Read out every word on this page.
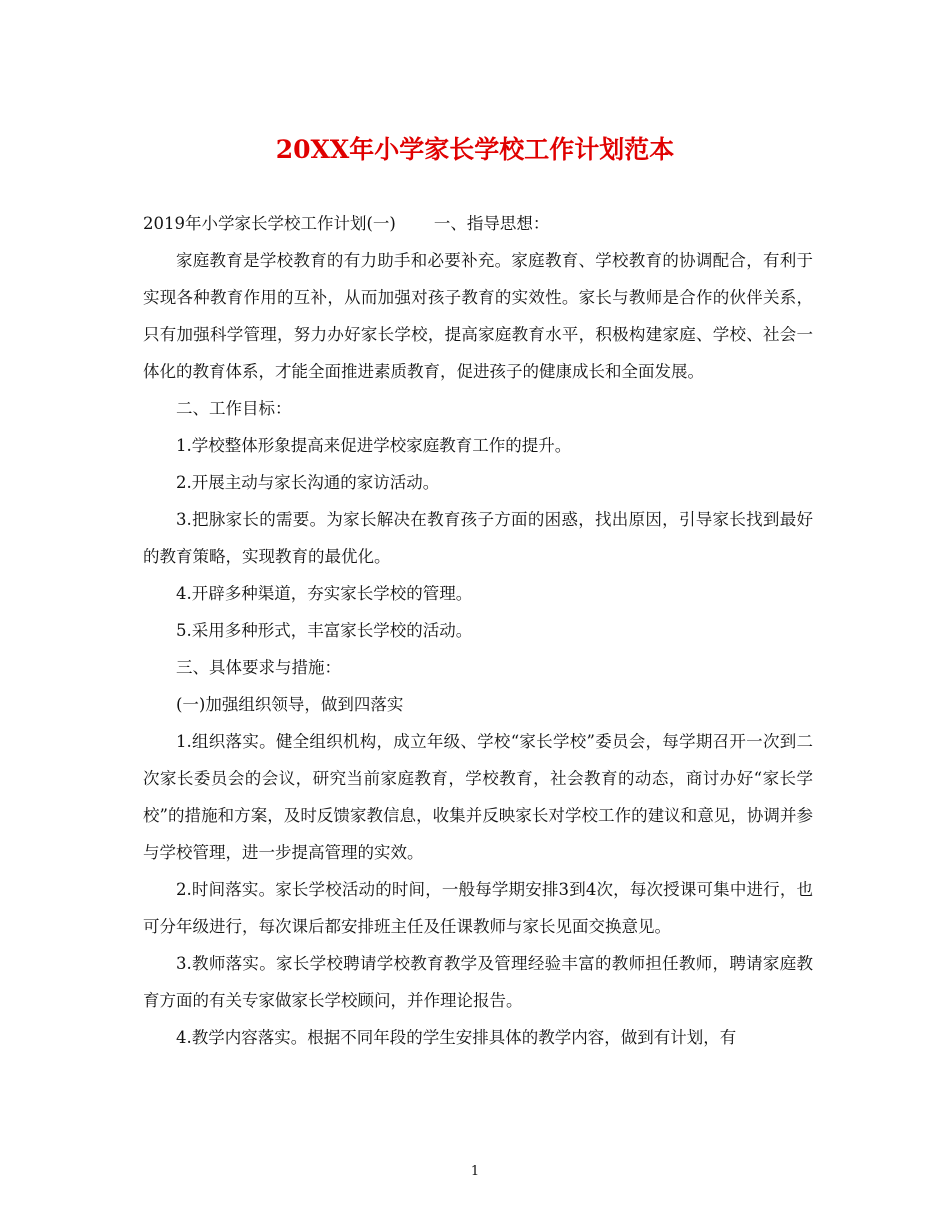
20XX年小学家长学校工作计划范本

2019年小学家长学校工作计划(一) 一、指导思想：

家庭教育是学校教育的有力助手和必要补充。家庭教育、学校教育的协调配合，有利于实现各种教育作用的互补，从而加强对孩子教育的实效性。家长与教师是合作的伙伴关系，只有加强科学管理，努力办好家长学校，提高家庭教育水平，积极构建家庭、学校、社会一体化的教育体系，才能全面推进素质教育，促进孩子的健康成长和全面发展。

二、工作目标：

1.学校整体形象提高来促进学校家庭教育工作的提升。

2.开展主动与家长沟通的家访活动。

3.把脉家长的需要。为家长解决在教育孩子方面的困惑，找出原因，引导家长找到最好的教育策略，实现教育的最优化。

4.开辟多种渠道，夯实家长学校的管理。

5.采用多种形式，丰富家长学校的活动。

三、具体要求与措施：

(一)加强组织领导，做到四落实

1.组织落实。健全组织机构，成立年级、学校“家长学校”委员会，每学期召开一次到二次家长委员会的会议，研究当前家庭教育，学校教育，社会教育的动态，商讨办好“家长学校”的措施和方案，及时反馈家教信息，收集并反映家长对学校工作的建议和意见，协调并参与学校管理，进一步提高管理的实效。

2.时间落实。家长学校活动的时间，一般每学期安排3到4次，每次授课可集中进行，也可分年级进行，每次课后都安排班主任及任课教师与家长见面交换意见。

3.教师落实。家长学校聘请学校教育教学及管理经验丰富的教师担任教师，聘请家庭教育方面的有关专家做家长学校顾问，并作理论报告。

4.教学内容落实。根据不同年段的学生安排具体的教学内容，做到有计划，有

1
